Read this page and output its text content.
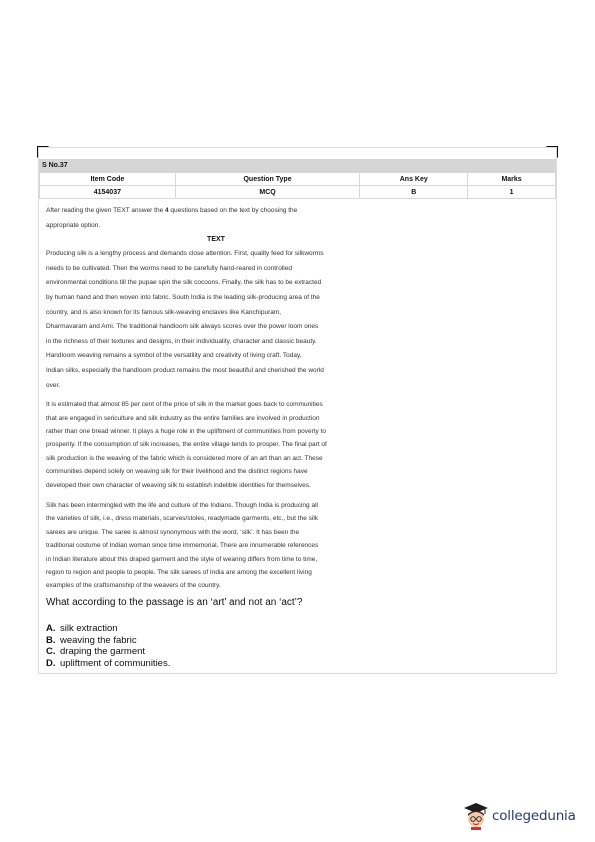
S No.37
Item Code	Question Type	Ans Key	Marks
4154037	MCQ	B	1

After reading the given TEXT answer the 4 questions based on the text by choosing the

appropriate option.

TEXT

Producing silk is a lengthy process and demands close attention. First, quality feed for silkworms
needs to be cultivated. Then the worms need to be carefully hand-reared in controlled
environmental conditions till the pupae spin the silk cocoons. Finally, the silk has to be extracted
by human hand and then woven into fabric. South India is the leading silk-producing area of the
country, and is also known for its famous silk-weaving enclaves like Kanchipuram,
Dharmavaram and Arni. The traditional handloom silk always scores over the power loom ones
in the richness of their textures and designs, in their individuality, character and classic beauty.
Handloom weaving remains a symbol of the versatility and creativity of living craft. Today,
Indian silks, especially the handloom product remains the most beautiful and cherished the world
over.
It is estimated that almost 85 per cent of the price of silk in the market goes back to communities
that are engaged in sericulture and silk industry as the entire families are involved in production
rather than one bread winner. It plays a huge role in the upliftment of communities from poverty to
prosperity. If the consumption of silk increases, the entire village tends to prosper. The final part of
silk production is the weaving of the fabric which is considered more of an art than an act. These
communities depend solely on weaving silk for their livelihood and the distinct regions have
developed their own character of weaving silk to establish indelible identities for themselves.
Silk has been intermingled with the life and culture of the Indians. Though India is producing all
the varieties of silk, i.e., dress materials, scarves/stoles, readymade garments, etc., but the silk
sarees are unique. The saree is almost synonymous with the word, ‘silk’. It has been the
traditional costume of Indian woman since time immemorial. There are innumerable references
in Indian literature about this draped garment and the style of wearing differs from time to time,
region to region and people to people. The silk sarees of India are among the excellent living
examples of the craftsmanship of the weavers of the country.
What according to the passage is an ‘art’ and not an ‘act’?
A. silk extraction
B. weaving the fabric
C. draping the garment
D. upliftment of communities.
collegedunia
